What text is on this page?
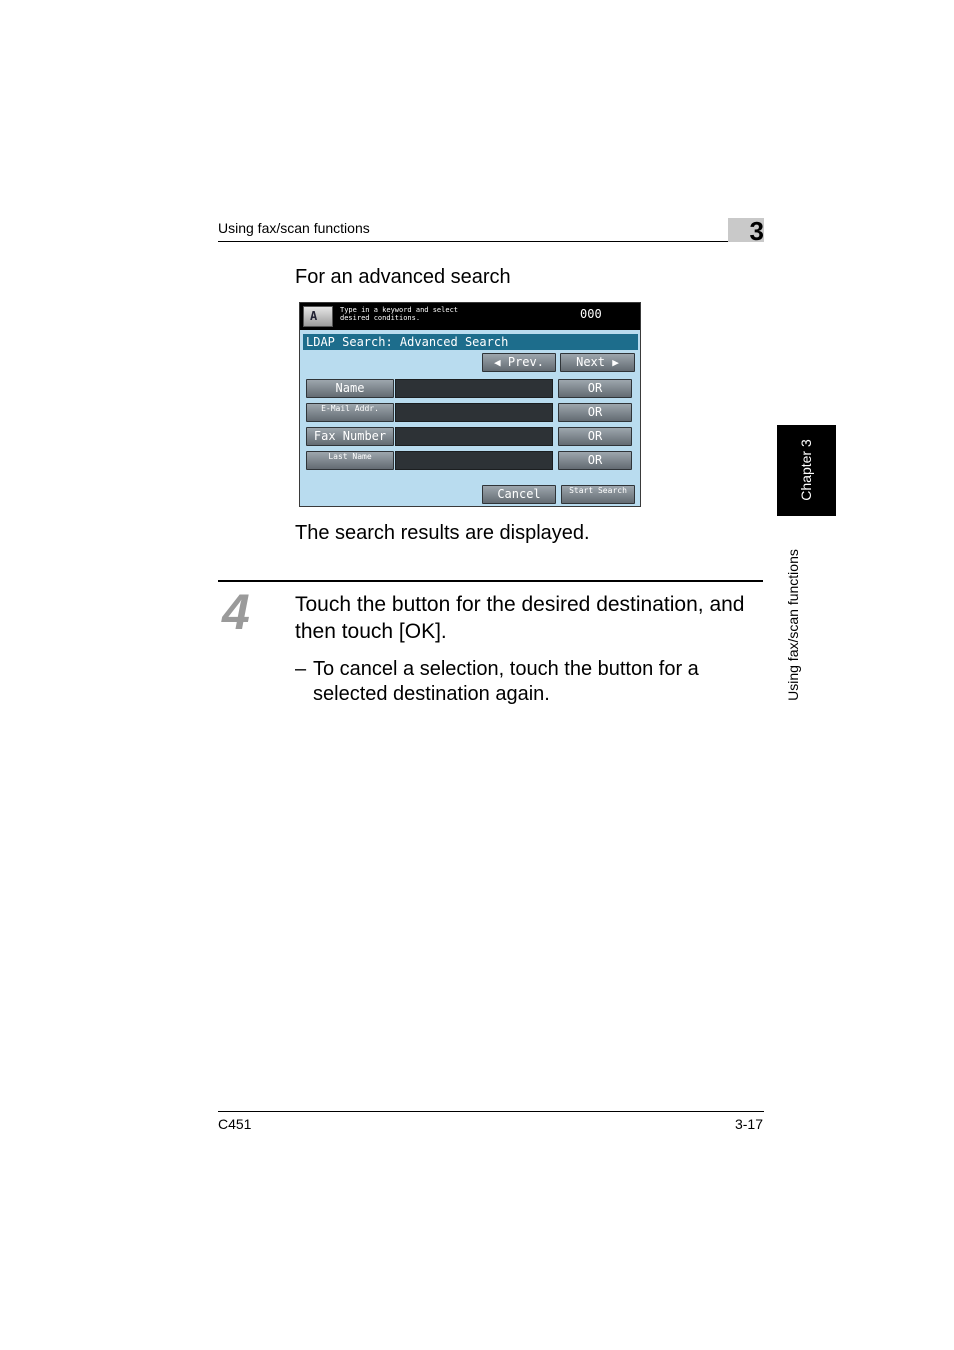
Using fax/scan functions	3
Chapter 3
Using fax/scan functions
For an advanced search
A	Type in a keyword and select desired conditions.	000
LDAP Search: Advanced Search
◀ Prev.	Next ▶
Name	OR
E-Mail Addr.	OR
Fax Number	OR
Last Name	OR
Cancel	Start Search
The search results are displayed.
4 Touch the button for the desired destination, and then touch [OK].
– To cancel a selection, touch the button for a selected destination again.
C451	3-17
